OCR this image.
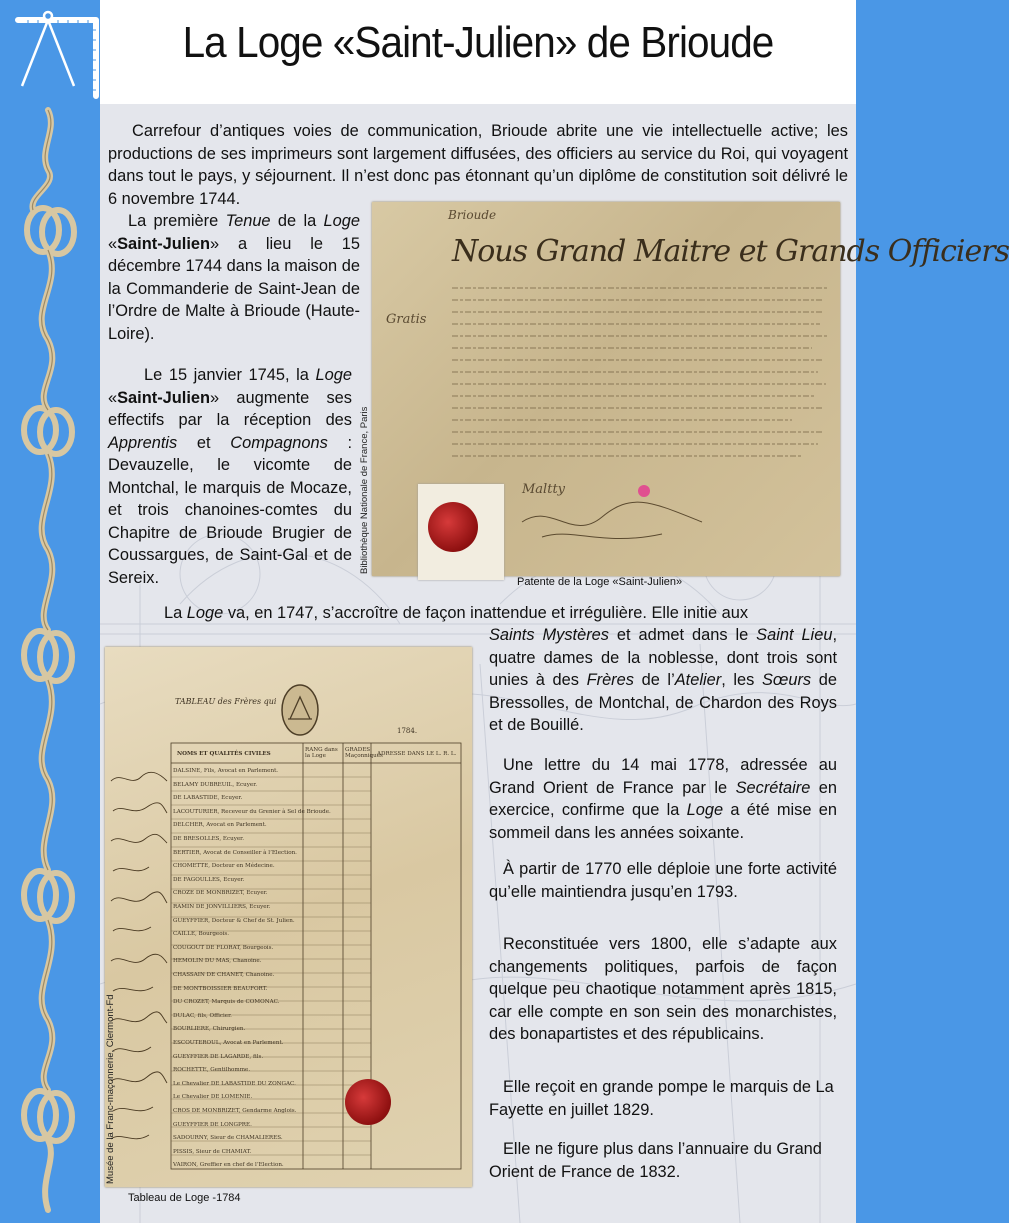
La Loge «Saint-Julien» de Brioude
Carrefour d’antiques voies de communication, Brioude abrite une vie intellectuelle active; les productions de ses imprimeurs sont largement diffusées, des officiers au service du Roi, qui voyagent dans tout le pays, y séjournent. Il n’est donc pas étonnant qu’un diplôme de constitution soit délivré le 6 novembre 1744.
La première Tenue de la Loge «Saint-Julien» a lieu le 15 décembre 1744 dans la maison de la Commanderie de Saint-Jean de l’Ordre de Malte à Brioude (Haute-Loire).
Le 15 janvier 1745, la Loge «Saint-Julien» augmente ses effectifs par la réception des Apprentis et Compagnons : Devauzelle, le vicomte de Montchal, le marquis de Mocaze, et trois chanoines-comtes du Chapitre de Brioude Brugier de Coussargues, de Saint-Gal et de Sereix.
Brioude
Nous Grand Maitre et Grands Officiers
Gratis
Maltty
Bibliothèque Nationale de France, Paris
Patente de la Loge «Saint-Julien»
La Loge va, en 1747, s’accroître de façon inattendue et irrégulière. Elle initie aux
Saints Mystères et admet dans le Saint Lieu, quatre dames de la noblesse, dont trois sont unies à des Frères de l’Atelier, les Sœurs de Bressolles, de Montchal, de Chardon des Roys et de Bouillé.
TABLEAU des Frères qui
1784.
NOMS ET QUALITÉS CIVILES
RANG dans la Loge
GRADES Maçonniques
ADRESSE DANS LE L. R. L.
DALSINE, Fils, Avocat en Parlement.
BELAMY DUBREUIL, Ecuyer.
DE LABASTIDE, Ecuyer.
LACOUTURIER, Receveur du Grenier à Sel de Brioude.
DELCHER, Avocat en Parlement.
DE BRESOLLES, Ecuyer.
BERTIER, Avocat de Conseiller à l’Election.
CHOMETTE, Docteur en Médecine.
DE FAGOULLES, Ecuyer.
CROZE DE MONBRIZET, Ecuyer.
RAMIN DE JONVILLIERS, Ecuyer.
GUEYFFIER, Docteur & Chef de St. Julien.
CAILLE, Bourgeois.
COUGOUT DE FLORAT, Bourgeois.
HEMOLIN DU MAS, Chanoine.
CHASSAIN DE CHANET, Chanoine.
DE MONTBOISSIER BEAUFORT.
DU CROZET, Marquis de COMONAC.
DULAC, fils, Officier.
BOURLIERE, Chirurgien.
ESCOUTEROUL, Avocat en Parlement.
GUEYFFIER DE LAGARDE, fils.
ROCHETTE, Gentilhomme.
Le Chevalier DE LABASTIDE DU ZONGAC.
Le Chevalier DE LOMENIE.
CROS DE MONBRIZET, Gendarme Anglois.
GUEYFFIER DE LONGPRE.
SADOURNY, Sieur de CHAMALIERES.
PISSIS, Sieur de CHAMIAT.
VAIRON, Greffier en chef de l’Election.
Musée de la Franc-maçonnerie, Clermont-Fd
Tableau de Loge -1784
Une lettre du 14 mai 1778, adressée au Grand Orient de France par le Secrétaire en exercice, confirme que la Loge a été mise en sommeil dans les années soixante.
À partir de 1770 elle déploie une forte activité qu’elle maintiendra jusqu’en 1793.
Reconstituée vers 1800, elle s’adapte aux changements politiques, parfois de façon quelque peu chaotique notamment après 1815, car elle compte en son sein des monarchistes, des bonapartistes et des républicains.
Elle reçoit en grande pompe le marquis de La Fayette en juillet 1829.
Elle ne figure plus dans l’annuaire du Grand Orient de France de 1832.
